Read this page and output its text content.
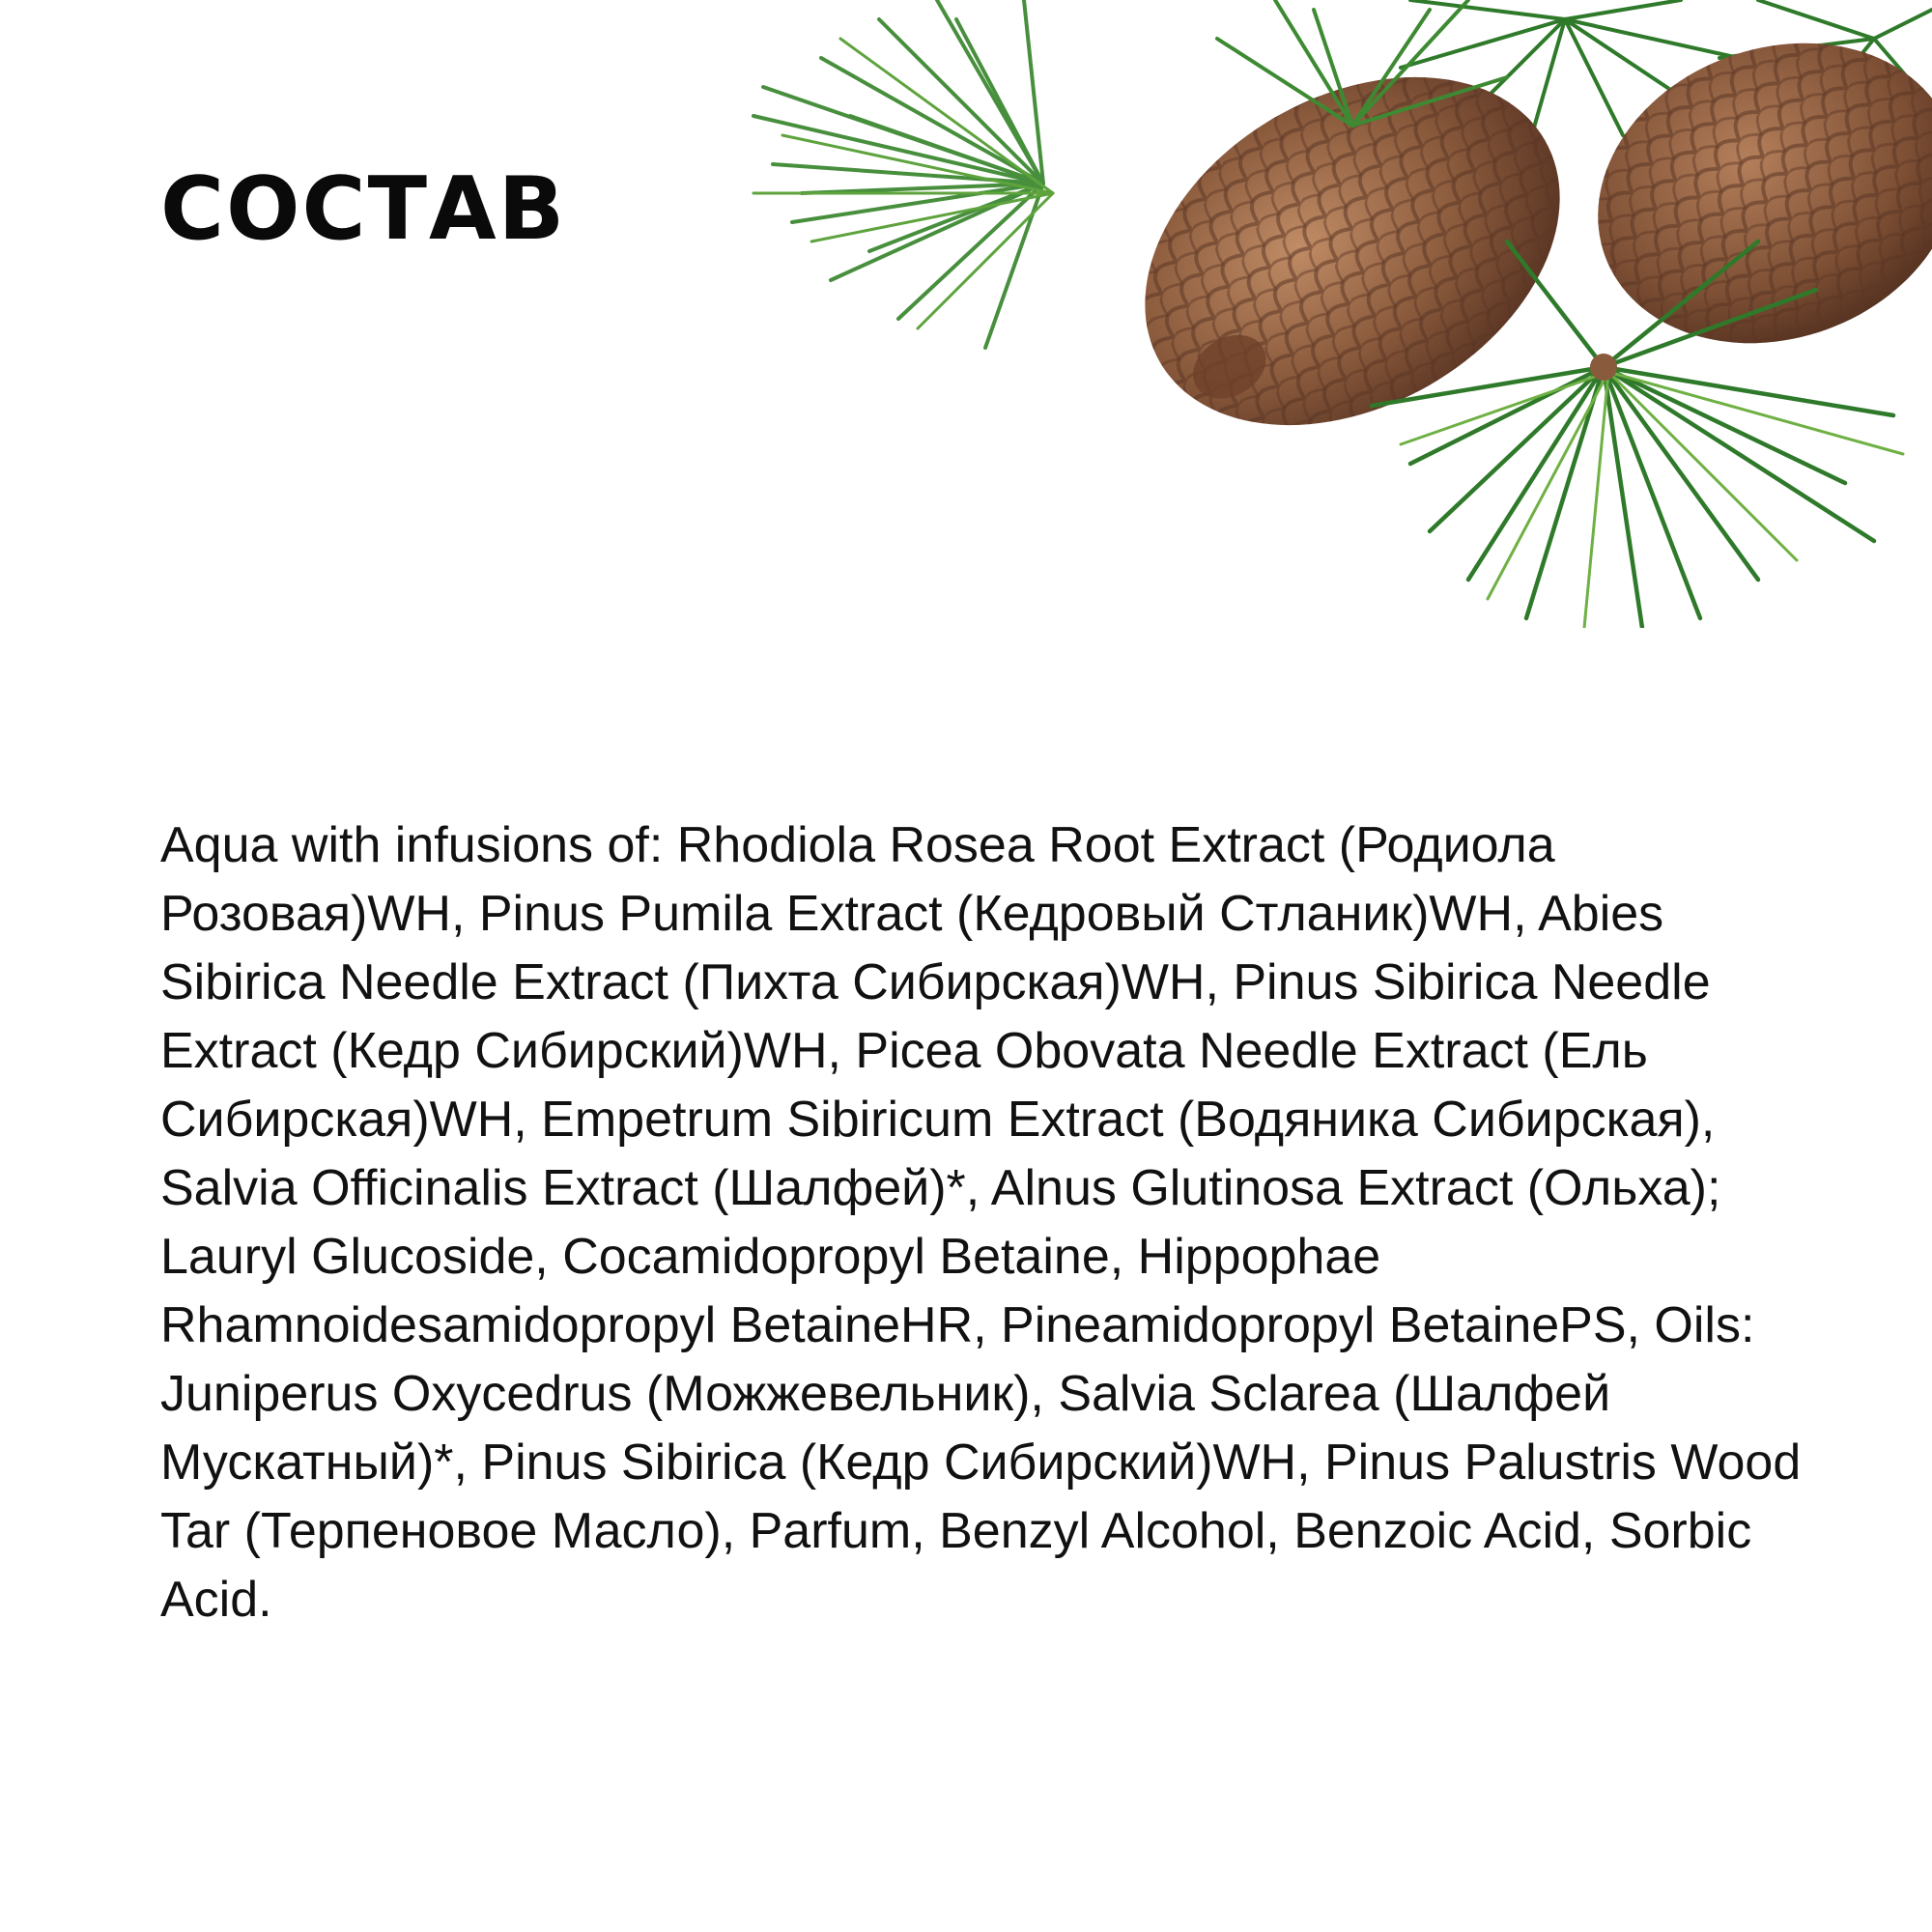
СОСТАВ

Aqua with infusions of: Rhodiola Rosea Root Extract (Родиола Розовая)WH, Pinus Pumila Extract (Кедровый Стланик)WH, Abies Sibirica Needle Extract (Пихта Сибирская)WH, Pinus Sibirica Needle Extract (Кедр Сибирский)WH, Picea Obovata Needle Extract (Ель Сибирская)WH, Empetrum Sibiricum Extract (Водяника Сибирская), Salvia Officinalis Extract (Шалфей)*, Alnus Glutinosa Extract (Ольха); Lauryl Glucoside, Cocamidopropyl Betaine, Hippophae Rhamnoidesamidopropyl BetaineHR, Pineamidopropyl BetainePS, Oils: Juniperus Oxycedrus (Можжевельник), Salvia Sclarea (Шалфей Мускатный)*, Pinus Sibirica (Кедр Сибирский)WH, Pinus Palustris Wood Tar (Терпеновое Масло), Parfum, Benzyl Alcohol, Benzoic Acid, Sorbic Acid.
